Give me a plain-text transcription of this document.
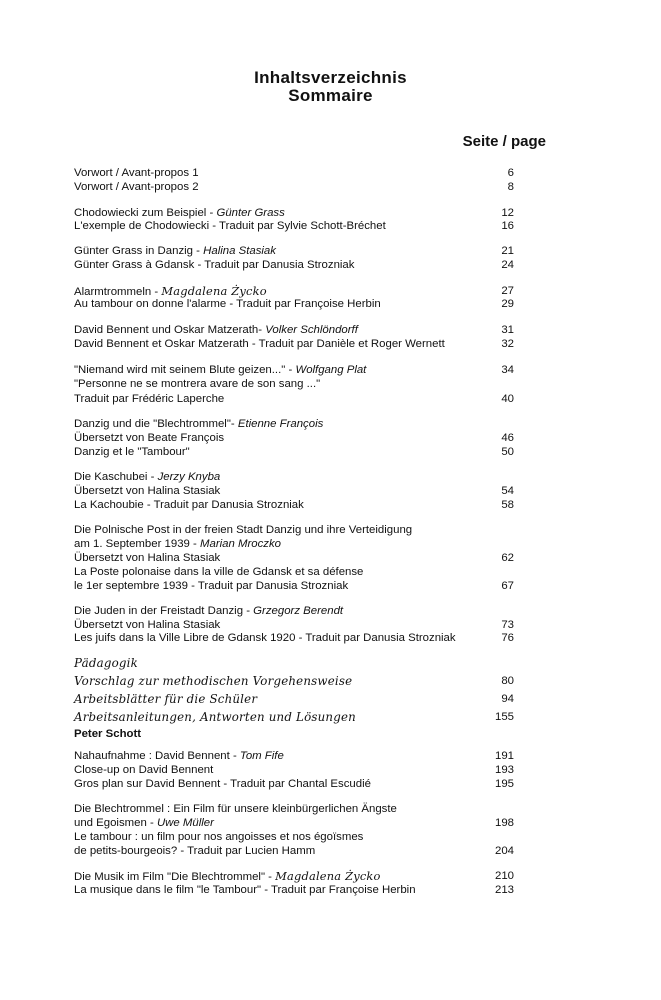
Inhaltsverzeichnis
Sommaire
Seite / page
Vorwort / Avant-propos 1	6
Vorwort / Avant-propos 2	8
Chodowiecki zum Beispiel - Günter Grass	12
L'exemple de Chodowiecki - Traduit par Sylvie Schott-Bréchet	16
Günter Grass in Danzig - Halina Stasiak	21
Günter Grass à Gdansk - Traduit par Danusia Strozniak	24
Alarmtrommeln - Magdalena Życko	27
Au tambour on donne l'alarme - Traduit par Françoise Herbin	29
David Bennent und Oskar Matzerath- Volker Schlöndorff	31
David Bennent et Oskar Matzerath - Traduit par Danièle et Roger Wernett	32
"Niemand wird mit seinem Blute geizen..." - Wolfgang Plat	34
"Personne ne se montrera avare de son sang ..."
Traduit par Frédéric Laperche	40
Danzig und die "Blechtrommel"- Etienne François
Übersetzt von Beate François	46
Danzig et le "Tambour"	50
Die Kaschubei - Jerzy Knyba
Übersetzt von Halina Stasiak	54
La Kachoubie - Traduit par Danusia Strozniak	58
Die Polnische Post in der freien Stadt Danzig und ihre Verteidigung
am 1. September 1939 - Marian Mroczko
Übersetzt von Halina Stasiak	62
La Poste polonaise dans la ville de Gdansk et sa défense
le 1er septembre 1939 - Traduit par Danusia Strozniak	67
Die Juden in der Freistadt Danzig - Grzegorz Berendt
Übersetzt von Halina Stasiak	73
Les juifs dans la Ville Libre de Gdansk 1920 - Traduit par Danusia Strozniak	76
Pädagogik
Vorschlag zur methodischen Vorgehensweise	80
Arbeitsblätter für die Schüler	94
Arbeitsanleitungen, Antworten und Lösungen	155
Peter Schott
Nahaufnahme : David Bennent - Tom Fife	191
Close-up on David Bennent	193
Gros plan sur David Bennent - Traduit par Chantal Escudié	195
Die Blechtrommel : Ein Film für unsere kleinbürgerlichen Ängste
und Egoismen - Uwe Müller	198
Le tambour : un film pour nos angoisses et nos égoïsmes
de petits-bourgeois? - Traduit par Lucien Hamm	204
Die Musik im Film "Die Blechtrommel" - Magdalena Życko	210
La musique dans le film "le Tambour" - Traduit par Françoise Herbin	213
